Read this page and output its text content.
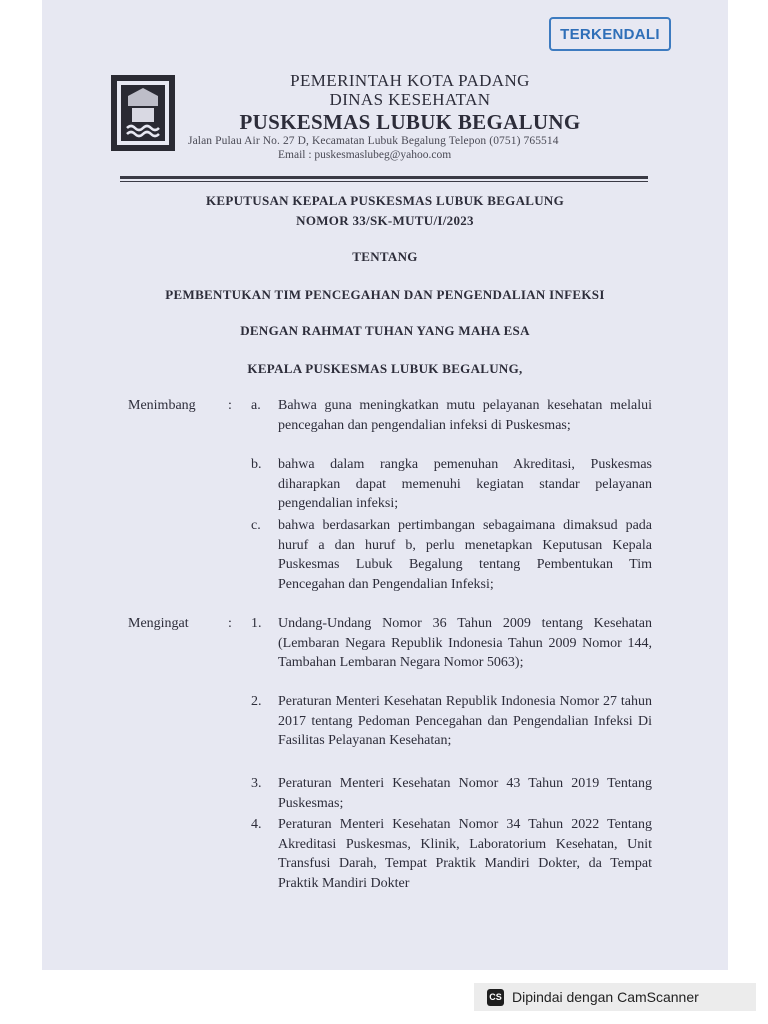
TERKENDALI
PEMERINTAH KOTA PADANG
DINAS KESEHATAN
PUSKESMAS LUBUK BEGALUNG
Jalan Pulau Air No. 27 D, Kecamatan Lubuk Begalung Telepon (0751) 765514
Email : puskesmaslubeg@yahoo.com
KEPUTUSAN KEPALA PUSKESMAS LUBUK BEGALUNG
NOMOR 33/SK-MUTU/I/2023
TENTANG
PEMBENTUKAN TIM PENCEGAHAN DAN PENGENDALIAN INFEKSI
DENGAN RAHMAT TUHAN YANG MAHA ESA
KEPALA PUSKESMAS LUBUK BEGALUNG,
Menimbang : a. Bahwa guna meningkatkan mutu pelayanan kesehatan melalui pencegahan dan pengendalian infeksi di Puskesmas;
b. bahwa dalam rangka pemenuhan Akreditasi, Puskesmas diharapkan dapat memenuhi kegiatan standar pelayanan pengendalian infeksi;
c. bahwa berdasarkan pertimbangan sebagaimana dimaksud pada huruf a dan huruf b, perlu menetapkan Keputusan Kepala Puskesmas Lubuk Begalung tentang Pembentukan Tim Pencegahan dan Pengendalian Infeksi;
Mengingat	: 1. Undang-Undang Nomor 36 Tahun 2009 tentang Kesehatan (Lembaran Negara Republik Indonesia Tahun 2009 Nomor 144, Tambahan Lembaran Negara Nomor 5063);
2. Peraturan Menteri Kesehatan Republik Indonesia Nomor 27 tahun 2017 tentang Pedoman Pencegahan dan Pengendalian Infeksi Di Fasilitas Pelayanan Kesehatan;
3. Peraturan Menteri Kesehatan Nomor 43 Tahun 2019 Tentang Puskesmas;
4. Peraturan Menteri Kesehatan Nomor 34 Tahun 2022 Tentang Akreditasi Puskesmas, Klinik, Laboratorium Kesehatan, Unit Transfusi Darah, Tempat Praktik Mandiri Dokter, da Tempat Praktik Mandiri Dokter
CS Dipindai dengan CamScanner
